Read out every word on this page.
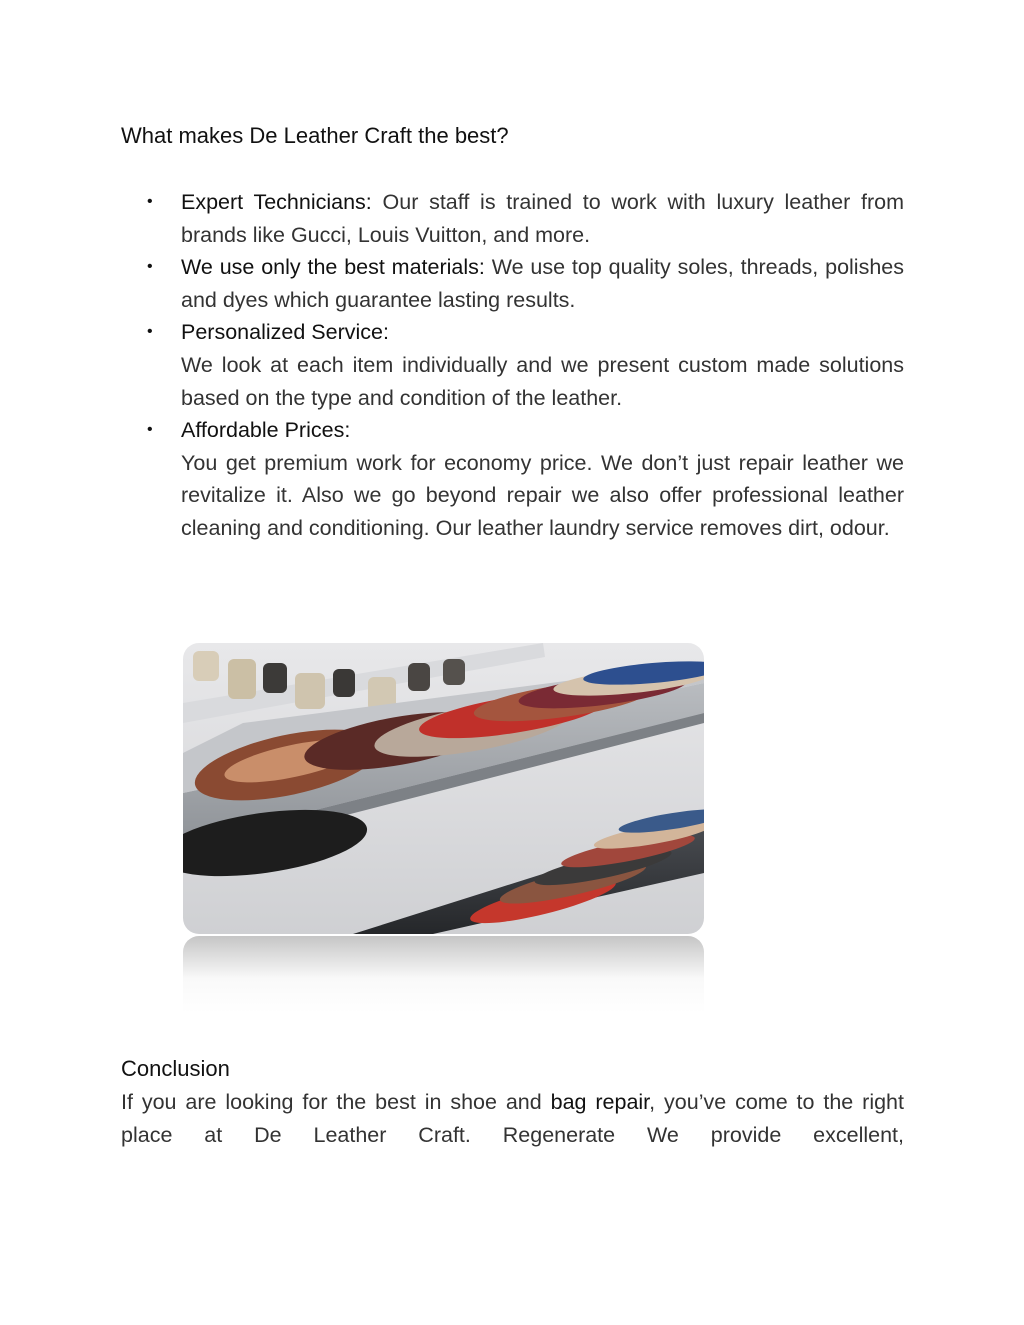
What makes De Leather Craft the best?
• Expert Technicians: Our staff is trained to work with luxury leather from brands like Gucci, Louis Vuitton, and more.
• We use only the best materials: We use top quality soles, threads, polishes and dyes which guarantee lasting results.
• Personalized Service:
We look at each item individually and we present custom made solutions based on the type and condition of the leather.
• Affordable Prices:
You get premium work for economy price. We don’t just repair leather we revitalize it. Also we go beyond repair we also offer professional leather cleaning and conditioning. Our leather laundry service removes dirt, odour.
Conclusion
If you are looking for the best in shoe and bag repair, you’ve come to the right place at De Leather Craft. Regenerate We provide excellent,
